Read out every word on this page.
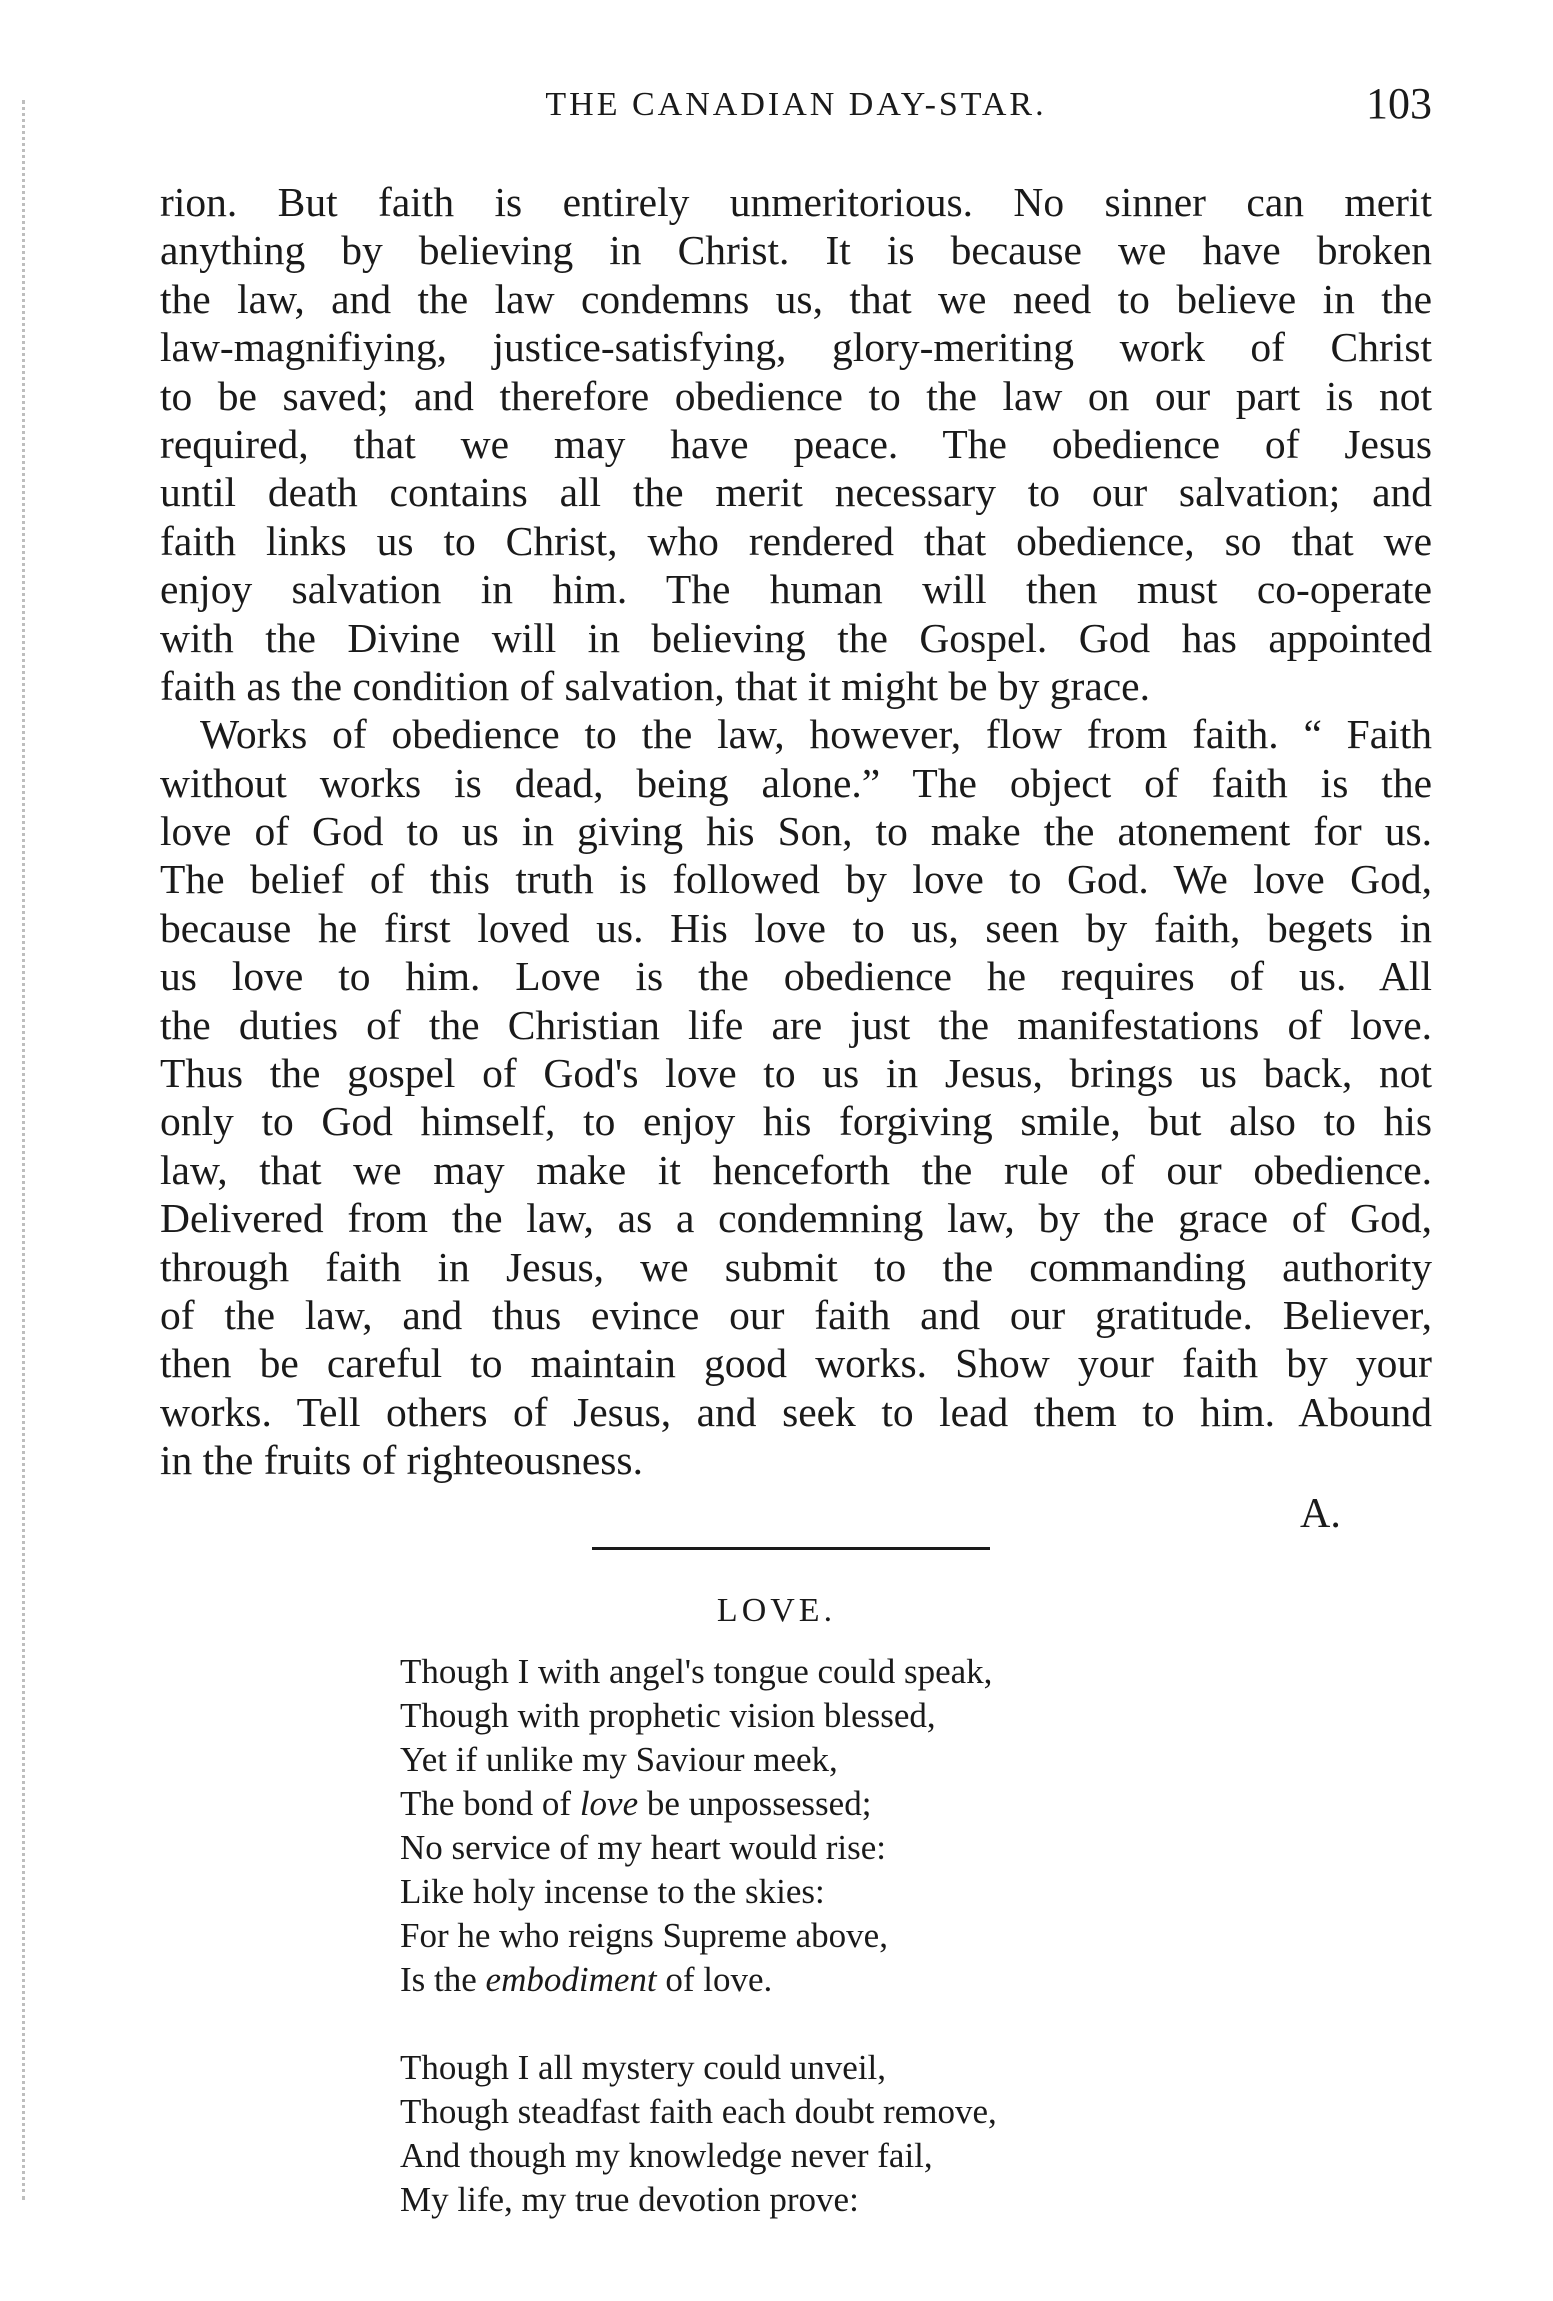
THE CANADIAN DAY-STAR.	103
rion. But faith is entirely unmeritorious. No sinner can merit
anything by believing in Christ. It is because we have broken
the law, and the law condemns us, that we need to believe in the
law-magnifiying, justice-satisfying, glory-meriting work of Christ
to be saved; and therefore obedience to the law on our part is not
required, that we may have peace. The obedience of Jesus
until death contains all the merit necessary to our salvation; and
faith links us to Christ, who rendered that obedience, so that we
enjoy salvation in him. The human will then must co-operate
with the Divine will in believing the Gospel. God has appointed
faith as the condition of salvation, that it might be by grace.
Works of obedience to the law, however, flow from faith. “ Faith
without works is dead, being alone.” The object of faith is the
love of God to us in giving his Son, to make the atonement for us.
The belief of this truth is followed by love to God. We love God,
because he first loved us. His love to us, seen by faith, begets in
us love to him. Love is the obedience he requires of us. All
the duties of the Christian life are just the manifestations of love.
Thus the gospel of God's love to us in Jesus, brings us back, not
only to God himself, to enjoy his forgiving smile, but also to his
law, that we may make it henceforth the rule of our obedience.
Delivered from the law, as a condemning law, by the grace of God,
through faith in Jesus, we submit to the commanding authority
of the law, and thus evince our faith and our gratitude. Believer,
then be careful to maintain good works. Show your faith by your
works. Tell others of Jesus, and seek to lead them to him. Abound
in the fruits of righteousness.
A.
LOVE.
Though I with angel's tongue could speak,
Though with prophetic vision blessed,
Yet if unlike my Saviour meek,
The bond of love be unpossessed;
No service of my heart would rise:
Like holy incense to the skies:
For he who reigns Supreme above,
Is the embodiment of love.
Though I all mystery could unveil,
Though steadfast faith each doubt remove,
And though my knowledge never fail,
My life, my true devotion prove:
